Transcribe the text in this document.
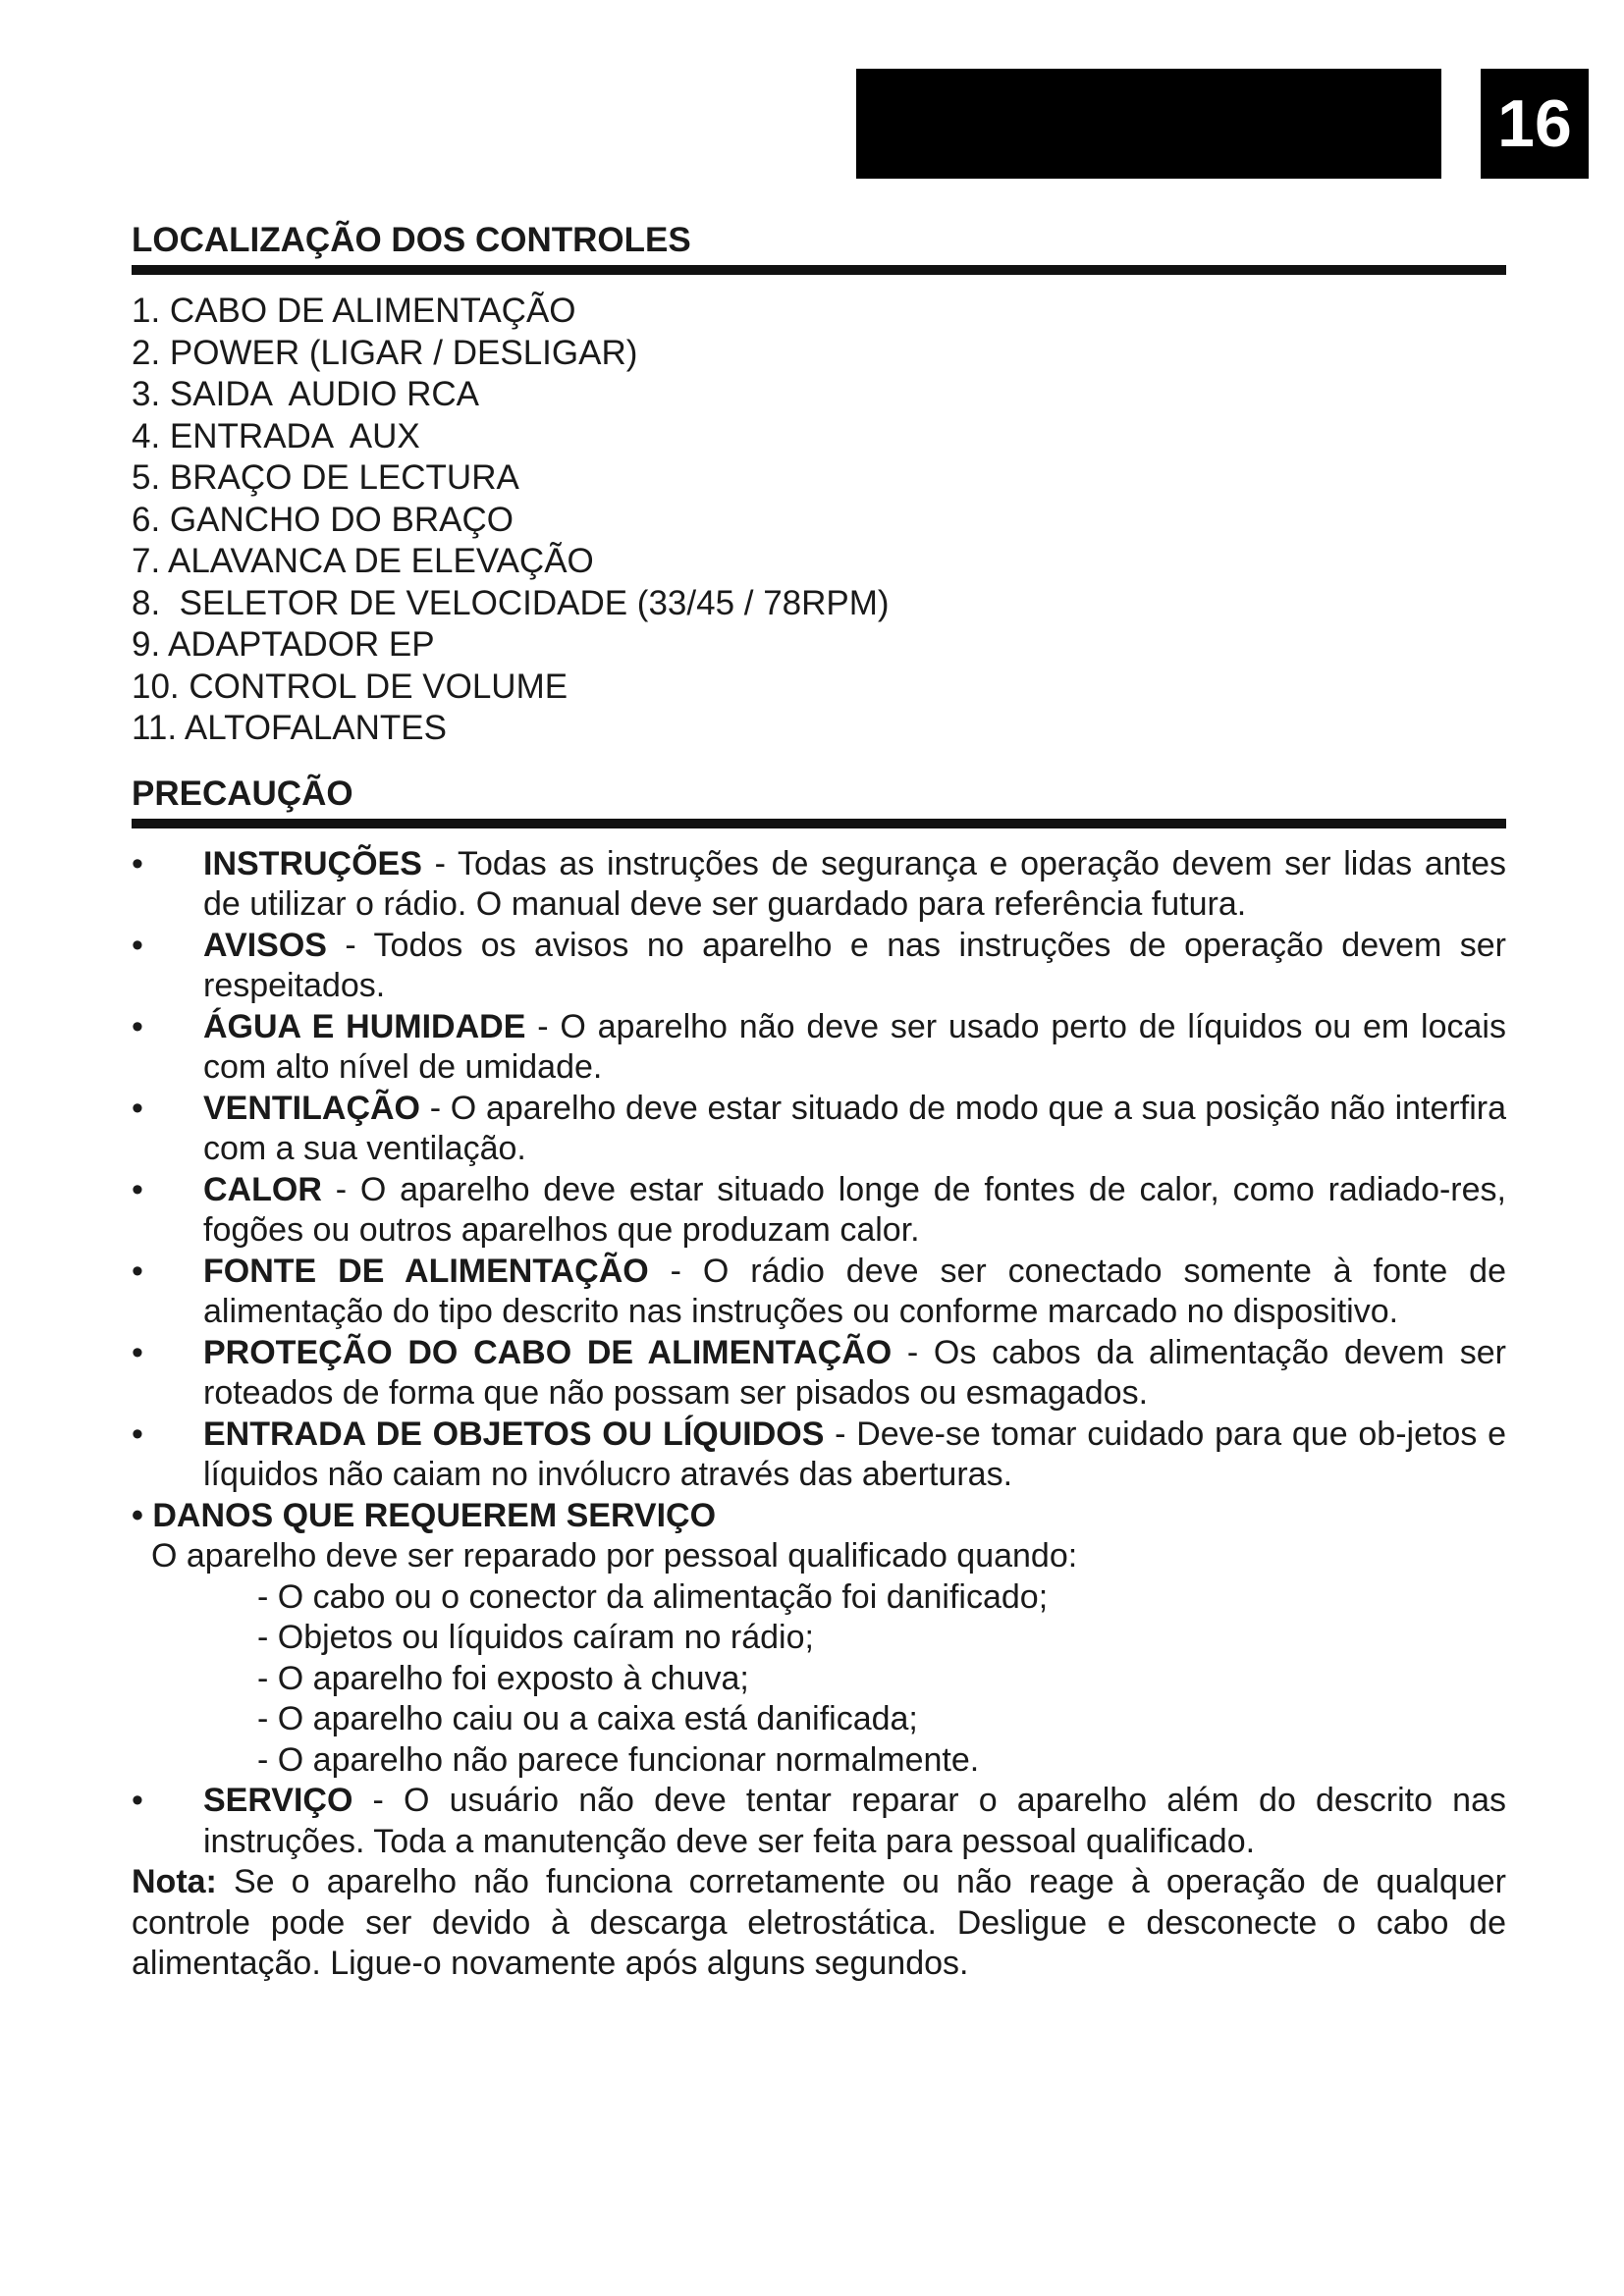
16
LOCALIZAÇÃO DOS CONTROLES
1. CABO DE ALIMENTAÇÃO
2. POWER (LIGAR / DESLIGAR)
3. SAIDA  AUDIO RCA
4. ENTRADA  AUX
5. BRAÇO DE LECTURA
6. GANCHO DO BRAÇO
7. ALAVANCA DE ELEVAÇÃO
8.  SELETOR DE VELOCIDADE (33/45 / 78RPM)
9. ADAPTADOR EP
10. CONTROL DE VOLUME
11. ALTOFALANTES
PRECAUÇÃO
•	INSTRUÇÕES - Todas as instruções de segurança e operação devem ser lidas antes de utilizar o rádio. O manual deve ser guardado para referência futura.
•	AVISOS - Todos os avisos no aparelho e nas instruções de operação devem ser respeitados.
•	ÁGUA E HUMIDADE - O aparelho não deve ser usado perto de líquidos ou em locais com alto nível de umidade.
•	VENTILAÇÃO - O aparelho deve estar situado de modo que a sua posição não interfira com a sua ventilação.
•	CALOR - O aparelho deve estar situado longe de fontes de calor, como radiado-res, fogões ou outros aparelhos que produzam calor.
•	FONTE DE ALIMENTAÇÃO - O rádio deve ser conectado somente à fonte de alimentação do tipo descrito nas instruções ou conforme marcado no dispositivo.
•	PROTEÇÃO DO CABO DE ALIMENTAÇÃO - Os cabos da alimentação devem ser roteados de forma que não possam ser pisados ou esmagados.
•	ENTRADA DE OBJETOS OU LÍQUIDOS - Deve-se tomar cuidado para que ob-jetos e líquidos não caiam no invólucro através das aberturas.
• DANOS QUE REQUEREM SERVIÇO
O aparelho deve ser reparado por pessoal qualificado quando:
- O cabo ou o conector da alimentação foi danificado;
- Objetos ou líquidos caíram no rádio;
- O aparelho foi exposto à chuva;
- O aparelho caiu ou a caixa está danificada;
- O aparelho não parece funcionar normalmente.
•	SERVIÇO - O usuário não deve tentar reparar o aparelho além do descrito nas instruções. Toda a manutenção deve ser feita para pessoal qualificado.

Nota: Se o aparelho não funciona corretamente ou não reage à operação de qualquer controle pode ser devido à descarga eletrostática. Desligue e desconecte o cabo de alimentação. Ligue-o novamente após alguns segundos.
